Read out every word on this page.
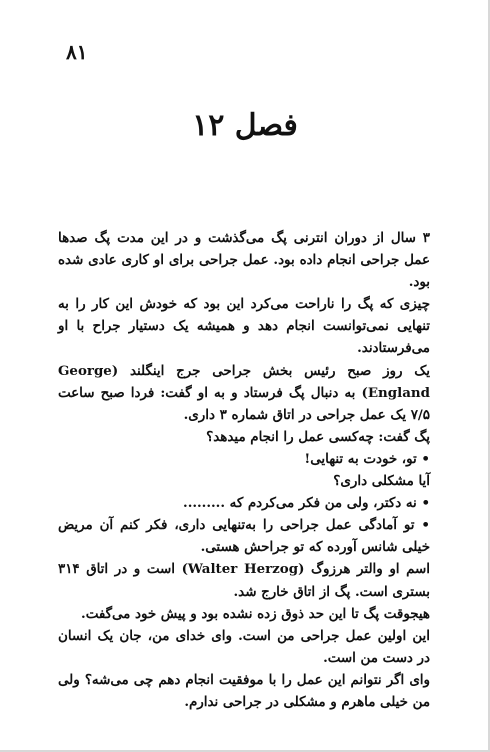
۸۱
فصل ۱۲

۳ سال از دوران انترنی پگ می‌گذشت و در این مدت پگ صدها عمل جراحی انجام داده بود. عمل جراحی برای او کاری عادی شده بود.

چیزی که پگ را ناراحت می‌کرد این بود که خودش این کار را به تنهایی نمی‌توانست انجام دهد و همیشه یک دستیار جراح با او می‌فرستادند.

یک روز صبح رئیس بخش جراحی جرج اینگلند (George England) به دنبال پگ فرستاد و به او گفت: فردا صبح ساعت ۷/۵ یک عمل جراحی در اتاق شماره ۳ داری.

پگ گفت: چه‌کسی عمل را انجام میدهد؟

• تو، خودت به تنهایی!

آیا مشکلی داری؟

• نه دکتر، ولی من فکر می‌کردم که .........

• تو آمادگی عمل جراحی را به‌تنهایی داری، فکر کنم آن مریض خیلی شانس آورده که تو جراحش هستی.

اسم او والتر هرزوگ (Walter Herzog) است و در اتاق ۳۱۴ بستری است. پگ از اتاق خارج شد.

هیجوقت پگ تا این حد ذوق زده نشده بود و پیش خود می‌گفت.

این اولین عمل جراحی من است. وای خدای من، جان یک انسان در دست من است.

وای اگر نتوانم این عمل را با موفقیت انجام دهم چی می‌شه؟ ولی من خیلی ماهرم و مشکلی در جراحی ندارم.
